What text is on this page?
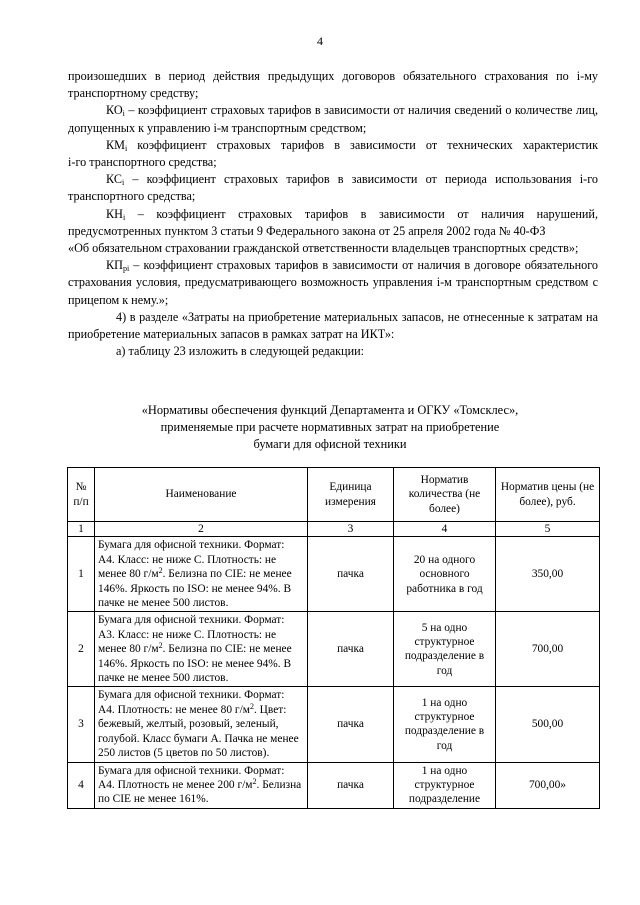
4

произошедших в период действия предыдущих договоров обязательного страхования по i-му транспортному средству;

$КО_i$ – коэффициент страховых тарифов в зависимости от наличия сведений о количестве лиц, допущенных к управлению i-м транспортным средством;

$КМ_i$ коэффициент страховых тарифов в зависимости от технических характеристик

i-го транспортного средства;

$КС_i$ – коэффициент страховых тарифов в зависимости от периода использования i-го транспортного средства;

$КН_i$ – коэффициент страховых тарифов в зависимости от наличия нарушений, предусмотренных пунктом 3 статьи 9 Федерального закона от 25 апреля 2002 года № 40-ФЗ

«Об обязательном страховании гражданской ответственности владельцев транспортных средств»;

$КП_{pi}$ – коэффициент страховых тарифов в зависимости от наличия в договоре обязательного страхования условия, предусматривающего возможность управления i-м транспортным средством с прицепом к нему.»;

4) в разделе «Затраты на приобретение материальных запасов, не отнесенные к затратам на приобретение материальных запасов в рамках затрат на ИКТ»:

а) таблицу 23 изложить в следующей редакции:

«Нормативы обеспечения функций Департамента и ОГКУ «Томсклес»,
применяемые при расчете нормативных затрат на приобретение
бумаги для офисной техники
№ п/п	Наименование	Единица измерения	Норматив количества (не более)	Норматив цены (не более), руб.
1	2	3	4	5
1	Бумага для офисной техники. Формат: А4. Класс: не ниже С. Плотность: не менее 80 $г/м^2$. Белизна по CIE: не менее 146%. Яркость по ISO: не менее 94%. В пачке не менее 500 листов.	пачка	20 на одного основного работника в год	350,00
2	Бумага для офисной техники. Формат: А3. Класс: не ниже С. Плотность: не менее 80 $г/м^2$. Белизна по CIE: не менее 146%. Яркость по ISO: не менее 94%. В пачке не менее 500 листов.	пачка	5 на одно структурное подразделение в год	700,00
3	Бумага для офисной техники. Формат: А4. Плотность: не менее 80 $г/м^2$. Цвет: бежевый, желтый, розовый, зеленый, голубой. Класс бумаги А. Пачка не менее 250 листов (5 цветов по 50 листов).	пачка	1 на одно структурное подразделение в год	500,00
4	Бумага для офисной техники. Формат: А4. Плотность не менее 200 $г/м^2$. Белизна по CIE не менее 161%.	пачка	1 на одно структурное подразделение	700,00»
